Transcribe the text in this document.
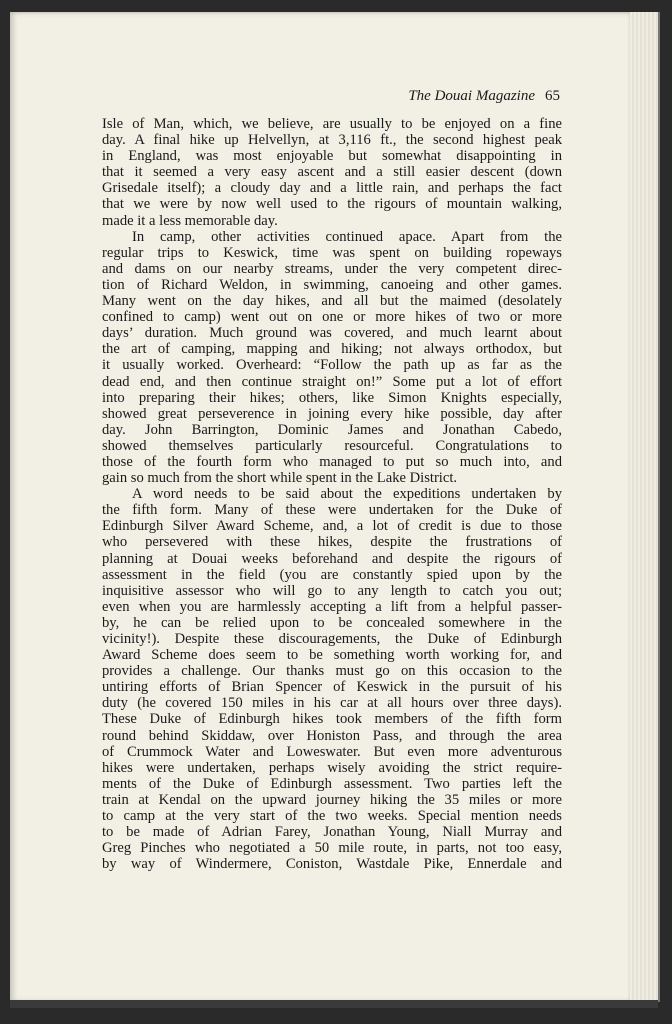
The Douai Magazine 65
Isle of Man, which, we believe, are usually to be enjoyed on a fine
day. A final hike up Helvellyn, at 3,116 ft., the second highest peak
in England, was most enjoyable but somewhat disappointing in
that it seemed a very easy ascent and a still easier descent (down
Grisedale itself); a cloudy day and a little rain, and perhaps the fact
that we were by now well used to the rigours of mountain walking,
made it a less memorable day.
In camp, other activities continued apace. Apart from the
regular trips to Keswick, time was spent on building ropeways
and dams on our nearby streams, under the very competent direc-
tion of Richard Weldon, in swimming, canoeing and other games.
Many went on the day hikes, and all but the maimed (desolately
confined to camp) went out on one or more hikes of two or more
days’ duration. Much ground was covered, and much learnt about
the art of camping, mapping and hiking; not always orthodox, but
it usually worked. Overheard: “Follow the path up as far as the
dead end, and then continue straight on!” Some put a lot of effort
into preparing their hikes; others, like Simon Knights especially,
showed great perseverence in joining every hike possible, day after
day. John Barrington, Dominic James and Jonathan Cabedo,
showed themselves particularly resourceful. Congratulations to
those of the fourth form who managed to put so much into, and
gain so much from the short while spent in the Lake District.
A word needs to be said about the expeditions undertaken by
the fifth form. Many of these were undertaken for the Duke of
Edinburgh Silver Award Scheme, and, a lot of credit is due to those
who persevered with these hikes, despite the frustrations of
planning at Douai weeks beforehand and despite the rigours of
assessment in the field (you are constantly spied upon by the
inquisitive assessor who will go to any length to catch you out;
even when you are harmlessly accepting a lift from a helpful passer-
by, he can be relied upon to be concealed somewhere in the
vicinity!). Despite these discouragements, the Duke of Edinburgh
Award Scheme does seem to be something worth working for, and
provides a challenge. Our thanks must go on this occasion to the
untiring efforts of Brian Spencer of Keswick in the pursuit of his
duty (he covered 150 miles in his car at all hours over three days).
These Duke of Edinburgh hikes took members of the fifth form
round behind Skiddaw, over Honiston Pass, and through the area
of Crummock Water and Loweswater. But even more adventurous
hikes were undertaken, perhaps wisely avoiding the strict require-
ments of the Duke of Edinburgh assessment. Two parties left the
train at Kendal on the upward journey hiking the 35 miles or more
to camp at the very start of the two weeks. Special mention needs
to be made of Adrian Farey, Jonathan Young, Niall Murray and
Greg Pinches who negotiated a 50 mile route, in parts, not too easy,
by way of Windermere, Coniston, Wastdale Pike, Ennerdale and
